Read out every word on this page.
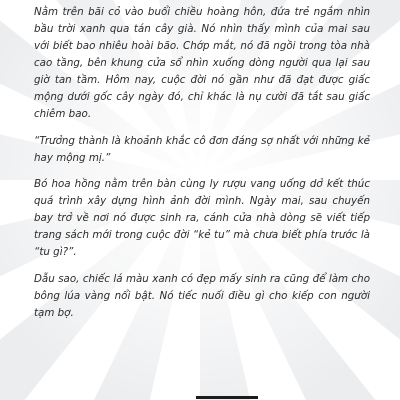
Nằm trên bãi cỏ vào buổi chiều hoàng hôn, đứa trẻ ngắm nhìn bầu trời xanh qua tán cây già. Nó nhìn thấy mình của mai sau với biết bao nhiêu hoài bão. Chớp mắt, nó đã ngồi trong tòa nhà cao tầng, bên khung cửa sổ nhìn xuống dòng người qua lại sau giờ tan tầm. Hôm nay, cuộc đời nó gần như đã đạt được giấc mộng dưới gốc cây ngày đó, chỉ khác là nụ cười đã tắt sau giấc chiêm bao.

“Trưởng thành là khoảnh khắc cô đơn đáng sợ nhất với những kẻ hay mộng mị.”

Bó hoa hồng nằm trên bàn cùng ly rượu vang uống dở kết thúc quá trình xây dựng hình ảnh đời mình. Ngày mai, sau chuyến bay trở về nơi nó được sinh ra, cánh cửa nhà dòng sẽ viết tiếp trang sách mới trong cuộc đời “kẻ tu” mà chưa biết phía trước là “tu gì?”.

Dẫu sao, chiếc lá màu xanh có đẹp mấy sinh ra cũng để làm cho bông lúa vàng nổi bật. Nó tiếc nuối điều gì cho kiếp con người tạm bợ.
